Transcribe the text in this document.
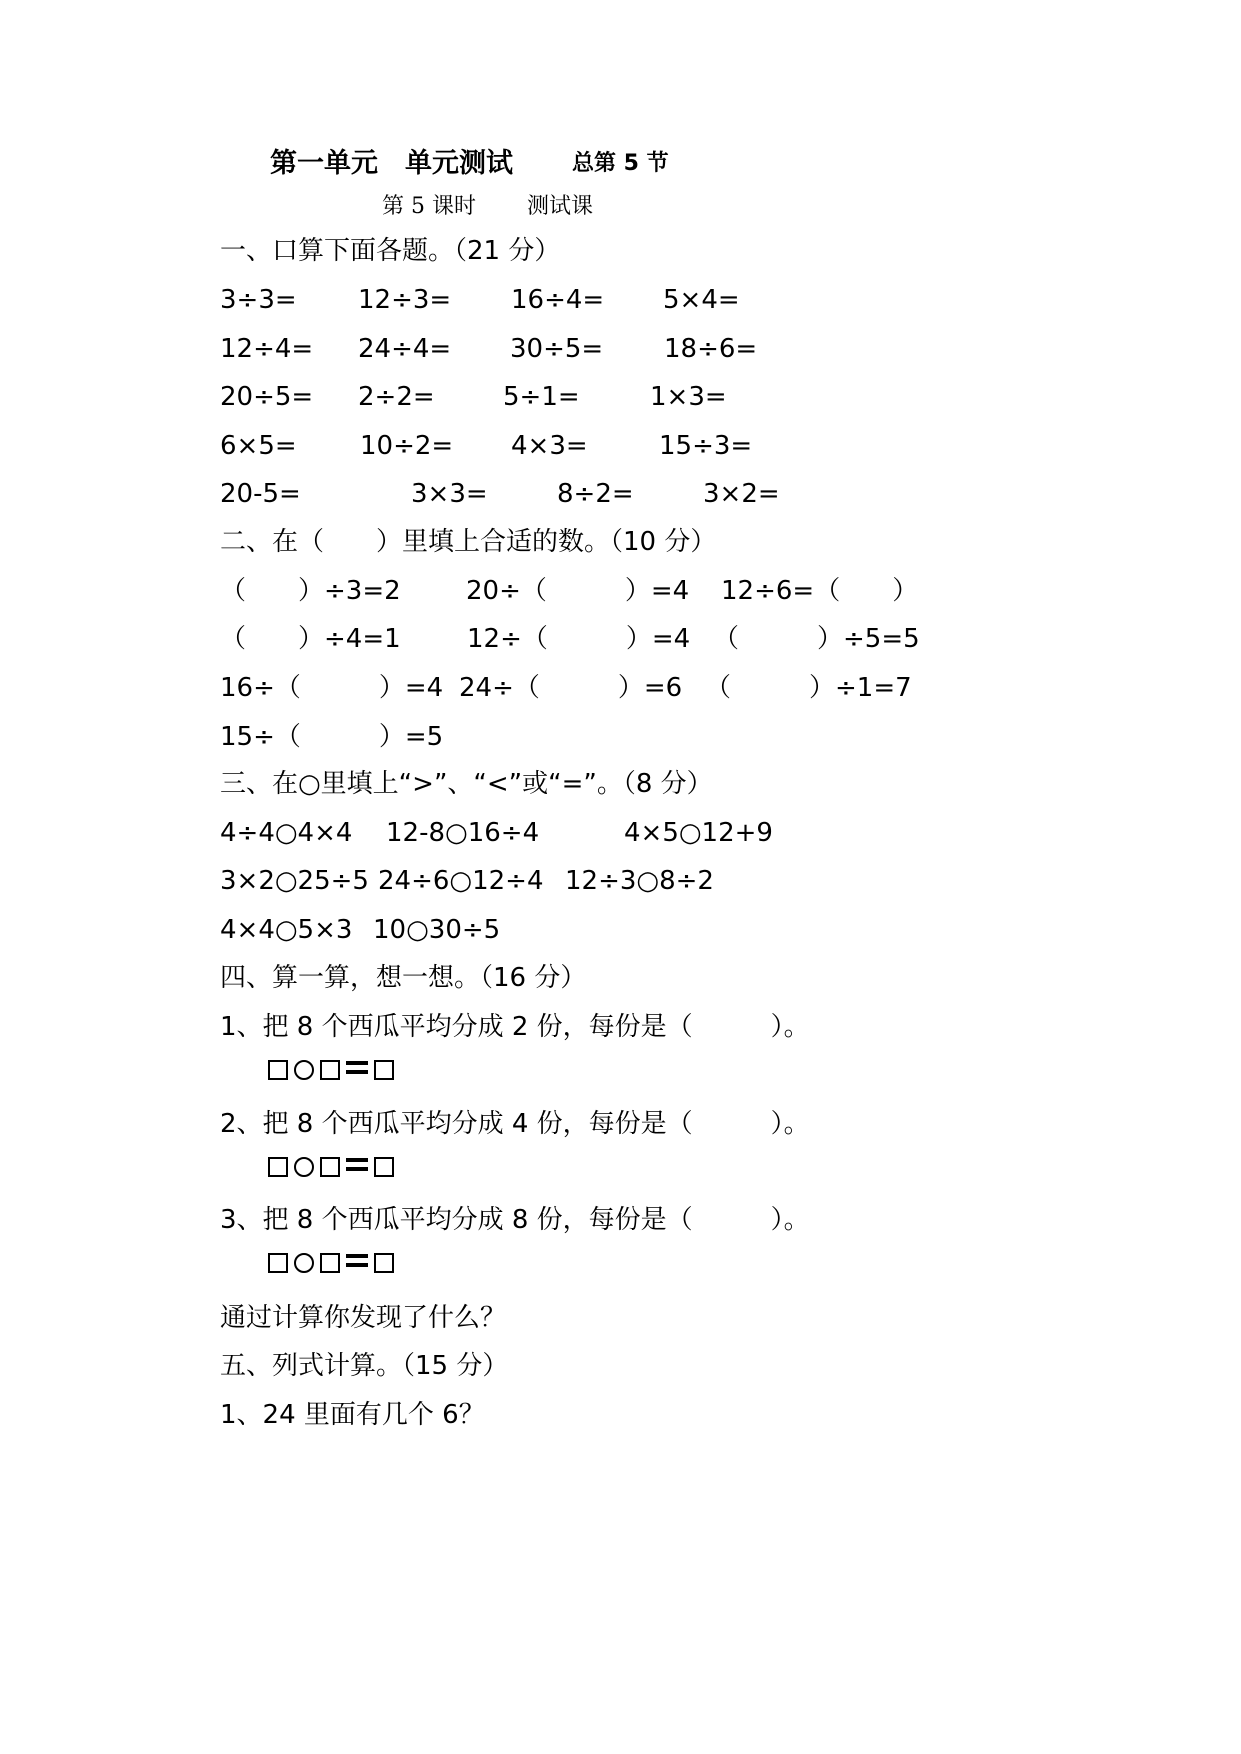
第一单元　单元测试	总第 5 节
第 5 课时 测试课
一、口算下面各题。（21 分）
3÷3= 12÷3= 16÷4= 5×4=
12÷4= 24÷4= 30÷5= 18÷6=
20÷5= 2÷2=	5÷1=	1×3=
6×5= 10÷2= 4×3=	15÷3=
20-5=	3×3=	8÷2=	3×2=
二、在（　　）里填上合适的数。（10 分）
（　　）÷3=2	20÷（　　　）=4 12÷6=（　　）
（　　）÷4=1	12÷（　　　）=4 （　　　）÷5=5
16÷（　　　）=4 24÷（　　　）=6 （　　　）÷1=7
15÷（　　　）=5
三、在○里填上“>”、“<”或“=”。（8 分）
4÷4○4×4 12-8○16÷4	4×5○12+9
3×2○25÷5 24÷6○12÷4 12÷3○8÷2
4×4○5×3 10○30÷5
四、算一算，想一想。（16 分）
1、把 8 个西瓜平均分成 2 份，每份是（　　　）。
2、把 8 个西瓜平均分成 4 份，每份是（　　　）。
3、把 8 个西瓜平均分成 8 份，每份是（　　　）。
通过计算你发现了什么？
五、列式计算。（15 分）
1、24 里面有几个 6？
